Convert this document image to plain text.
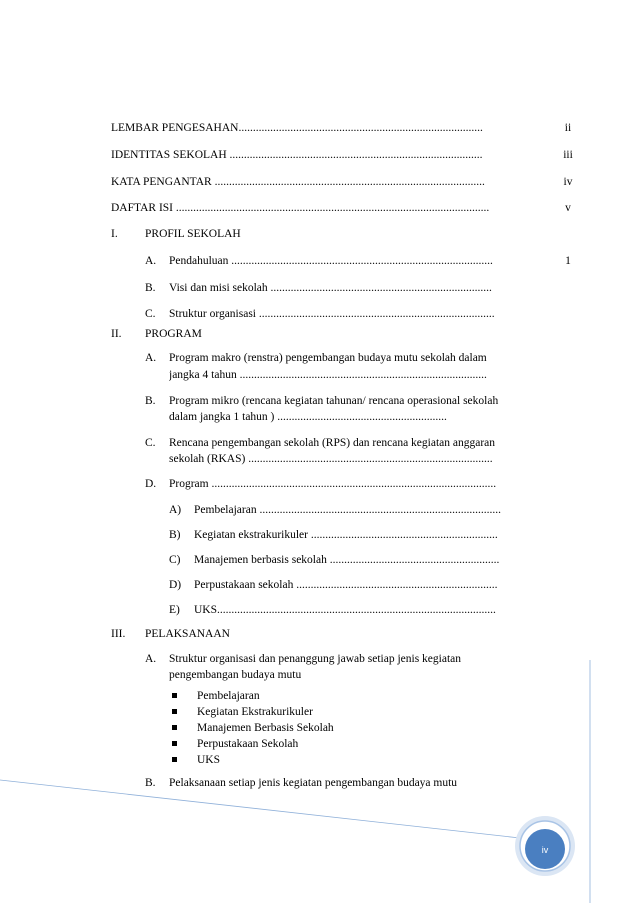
iv
LEMBAR PENGESAHAN.....................................................................................	ii
IDENTITAS SEKOLAH ........................................................................................	iii
KATA PENGANTAR ..............................................................................................	iv
DAFTAR ISI .............................................................................................................	v
I. PROFIL SEKOLAH
A. Pendahuluan ...........................................................................................	1
B. Visi dan misi sekolah .............................................................................
C. Struktur organisasi ..................................................................................
II. PROGRAM
A. Program makro (renstra) pengembangan budaya mutu sekolah dalam
jangka 4 tahun ......................................................................................
B. Program mikro (rencana kegiatan tahunan/ rencana operasional sekolah
dalam jangka 1 tahun ) ...........................................................
C. Rencana pengembangan sekolah (RPS) dan rencana kegiatan anggaran
sekolah (RKAS) .....................................................................................
D. Program ...................................................................................................
A) Pembelajaran ....................................................................................
B) Kegiatan ekstrakurikuler .................................................................
C) Manajemen berbasis sekolah ...........................................................
D) Perpustakaan sekolah ......................................................................
E) UKS.................................................................................................
III. PELAKSANAAN
A. Struktur organisasi dan penanggung jawab setiap jenis kegiatan
pengembangan budaya mutu
Pembelajaran
Kegiatan Ekstrakurikuler
Manajemen Berbasis Sekolah
Perpustakaan Sekolah
UKS
B. Pelaksanaan setiap jenis kegiatan pengembangan budaya mutu
